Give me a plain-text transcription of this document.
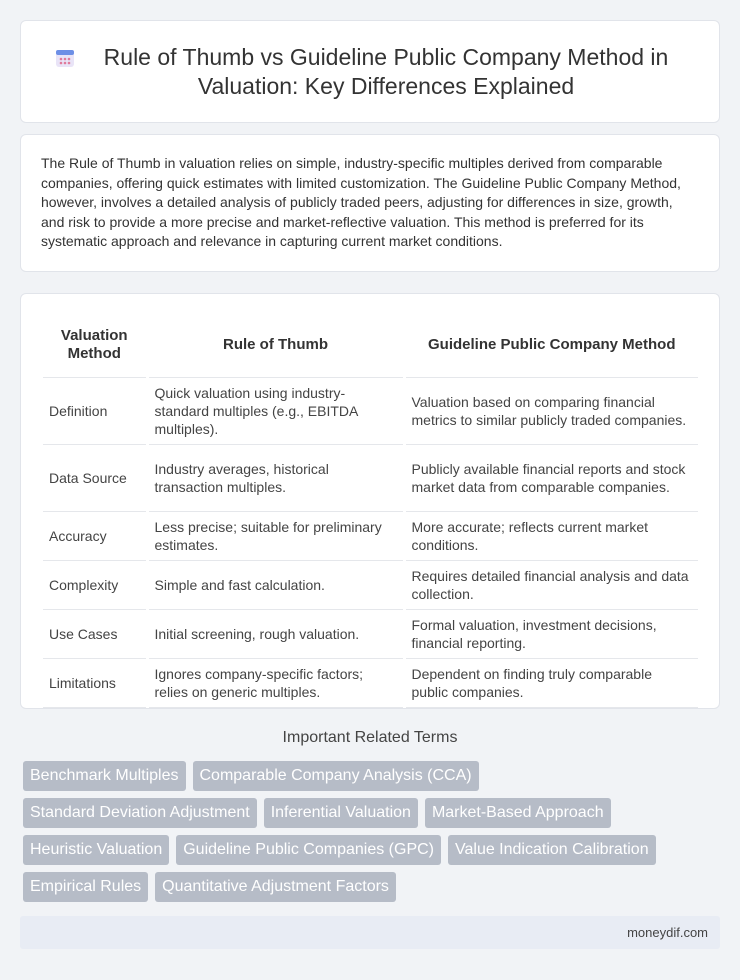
Rule of Thumb vs Guideline Public Company Method in Valuation: Key Differences Explained

The Rule of Thumb in valuation relies on simple, industry-specific multiples derived from comparable companies, offering quick estimates with limited customization. The Guideline Public Company Method, however, involves a detailed analysis of publicly traded peers, adjusting for differences in size, growth, and risk to provide a more precise and market-reflective valuation. This method is preferred for its systematic approach and relevance in capturing current market conditions.

Valuation Method	Rule of Thumb	Guideline Public Company Method
Definition	Quick valuation using industry-standard multiples (e.g., EBITDA multiples).	Valuation based on comparing financial metrics to similar publicly traded companies.
Data Source	Industry averages, historical transaction multiples.	Publicly available financial reports and stock market data from comparable companies.
Accuracy	Less precise; suitable for preliminary estimates.	More accurate; reflects current market conditions.
Complexity	Simple and fast calculation.	Requires detailed financial analysis and data collection.
Use Cases	Initial screening, rough valuation.	Formal valuation, investment decisions, financial reporting.
Limitations	Ignores company-specific factors; relies on generic multiples.	Dependent on finding truly comparable public companies.
Important Related Terms
Benchmark Multiples	Comparable Company Analysis (CCA)
Standard Deviation Adjustment	Inferential Valuation	Market-Based Approach
Heuristic Valuation	Guideline Public Companies (GPC)	Value Indication Calibration
Empirical Rules	Quantitative Adjustment Factors
moneydif.com
